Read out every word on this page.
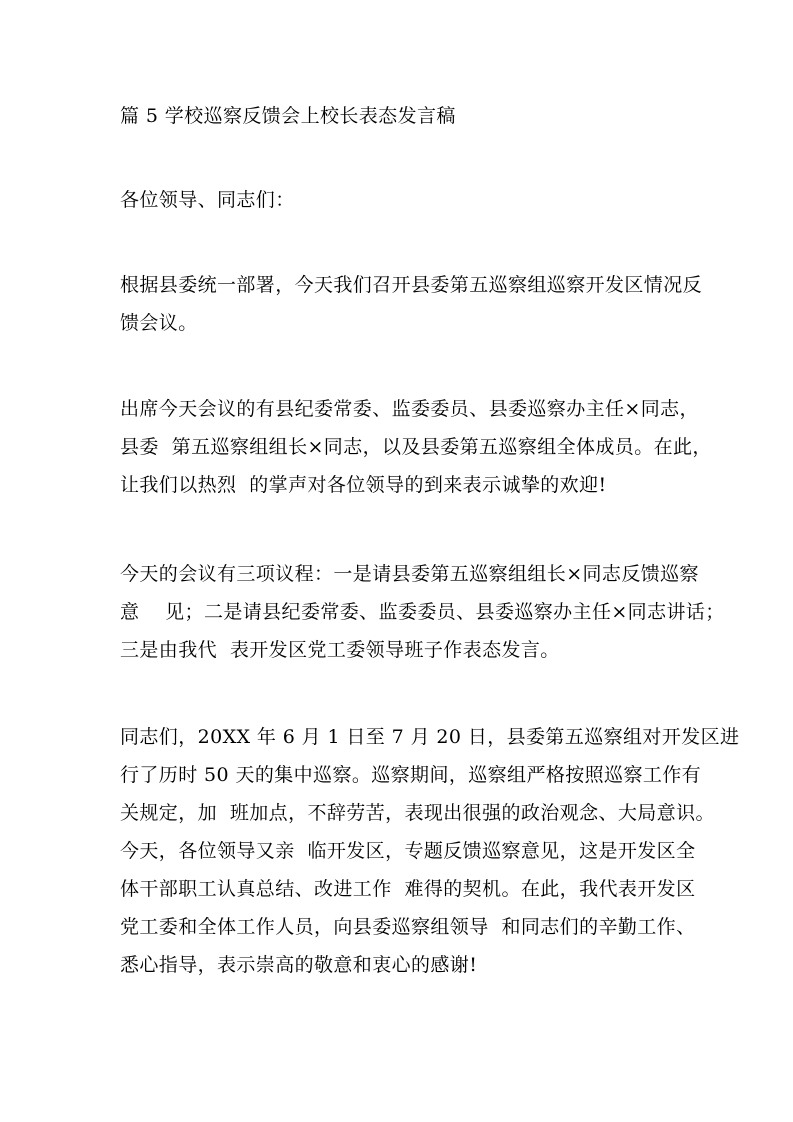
篇 5 学校巡察反馈会上校长表态发言稿
各位领导、同志们：
根据县委统一部署，今天我们召开县委第五巡察组巡察开发区情况反
馈会议。
出席今天会议的有县纪委常委、监委委员、县委巡察办主任×同志，
县委  第五巡察组组长×同志，以及县委第五巡察组全体成员。在此，
让我们以热烈  的掌声对各位领导的到来表示诚挚的欢迎!
今天的会议有三项议程：一是请县委第五巡察组组长×同志反馈巡察
意    见；二是请县纪委常委、监委委员、县委巡察办主任×同志讲话；
三是由我代  表开发区党工委领导班子作表态发言。
同志们，20XX 年 6 月 1 日至 7 月 20 日，县委第五巡察组对开发区进
行了历时 50 天的集中巡察。巡察期间，巡察组严格按照巡察工作有
关规定，加  班加点，不辞劳苦，表现出很强的政治观念、大局意识。
今天，各位领导又亲  临开发区，专题反馈巡察意见，这是开发区全
体干部职工认真总结、改进工作  难得的契机。在此，我代表开发区
党工委和全体工作人员，向县委巡察组领导  和同志们的辛勤工作、
悉心指导，表示崇高的敬意和衷心的感谢!
